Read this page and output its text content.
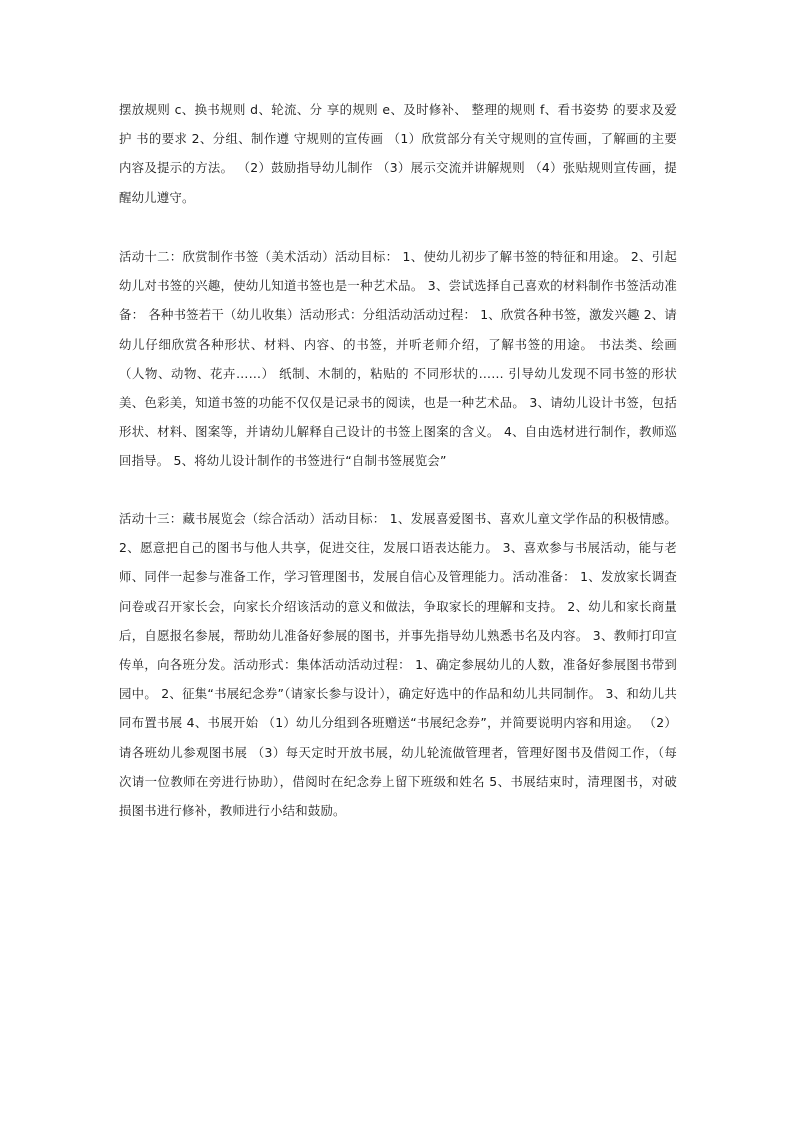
摆放规则 c、换书规则 d、轮流、分 享的规则 e、及时修补、 整理的规则 f、看书姿势 的要求及爱护 书的要求 2、分组、制作遵 守规则的宣传画 （1）欣赏部分有关守规则的宣传画，了解画的主要内容及提示的方法。 （2）鼓励指导幼儿制作 （3）展示交流并讲解规则 （4）张贴规则宣传画，提醒幼儿遵守。

活动十二：欣赏制作书签（美术活动）活动目标： 1、使幼儿初步了解书签的特征和用途。 2、引起幼儿对书签的兴趣，使幼儿知道书签也是一种艺术品。 3、尝试选择自己喜欢的材料制作书签活动准备： 各种书签若干（幼儿收集）活动形式：分组活动活动过程： 1、欣赏各种书签，激发兴趣 2、请幼儿仔细欣赏各种形状、材料、内容、的书签，并听老师介绍，了解书签的用途。 书法类、绘画（人物、动物、花卉……） 纸制、木制的，粘贴的 不同形状的…… 引导幼儿发现不同书签的形状美、色彩美，知道书签的功能不仅仅是记录书的阅读，也是一种艺术品。 3、请幼儿设计书签，包括形状、材料、图案等，并请幼儿解释自己设计的书签上图案的含义。 4、自由选材进行制作，教师巡回指导。 5、将幼儿设计制作的书签进行“自制书签展览会”

活动十三：藏书展览会（综合活动）活动目标： 1、发展喜爱图书、喜欢儿童文学作品的积极情感。 2、愿意把自己的图书与他人共享，促进交往，发展口语表达能力。 3、喜欢参与书展活动，能与老师、同伴一起参与准备工作，学习管理图书，发展自信心及管理能力。活动准备： 1、发放家长调查问卷或召开家长会，向家长介绍该活动的意义和做法，争取家长的理解和支持。 2、幼儿和家长商量后，自愿报名参展，帮助幼儿准备好参展的图书，并事先指导幼儿熟悉书名及内容。 3、教师打印宣传单，向各班分发。活动形式：集体活动活动过程： 1、确定参展幼儿的人数，准备好参展图书带到园中。 2、征集“书展纪念券”（请家长参与设计），确定好选中的作品和幼儿共同制作。 3、和幼儿共同布置书展 4、书展开始 （1）幼儿分组到各班赠送“书展纪念券”，并简要说明内容和用途。 （2）请各班幼儿参观图书展 （3）每天定时开放书展，幼儿轮流做管理者，管理好图书及借阅工作，（每次请一位教师在旁进行协助），借阅时在纪念券上留下班级和姓名 5、书展结束时，清理图书，对破损图书进行修补，教师进行小结和鼓励。
